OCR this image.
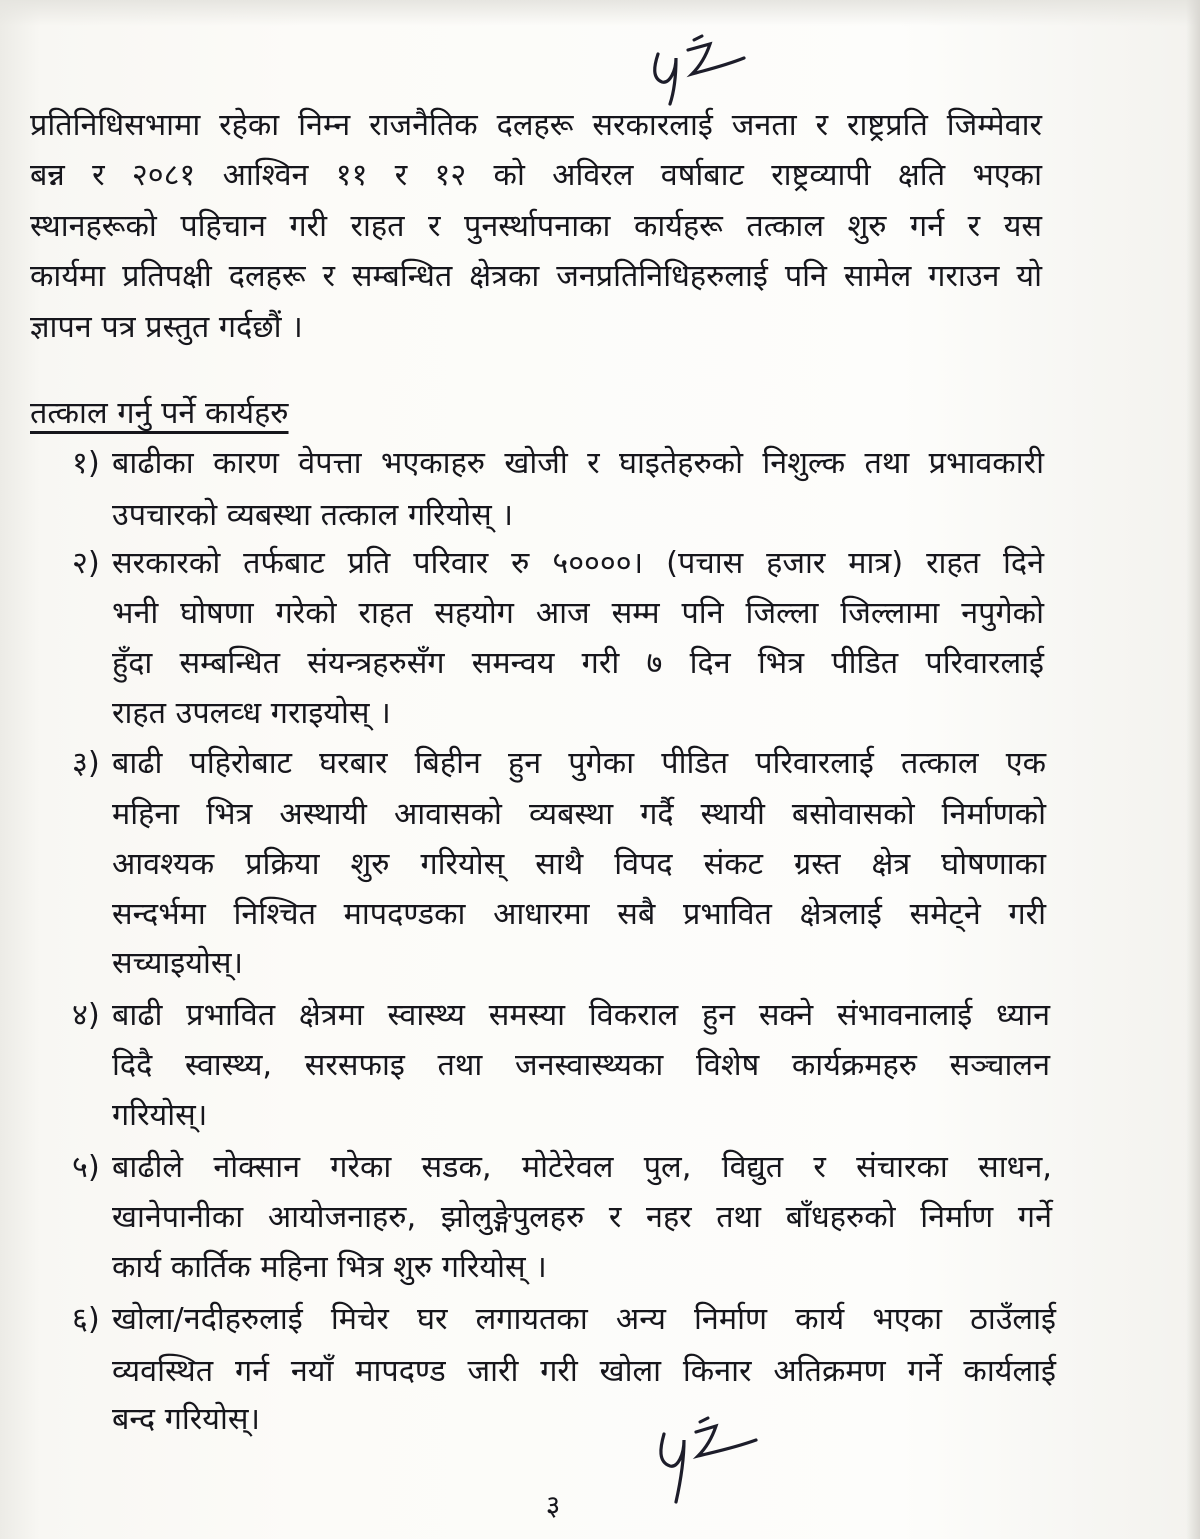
प्रतिनिधिसभामा रहेका निम्न राजनैतिक दलहरू सरकारलाई जनता र राष्ट्रप्रति जिम्मेवार
बन्न र २०८१ आश्विन ११ र १२ को अविरल वर्षाबाट राष्ट्रव्यापी क्षति भएका
स्थानहरूको पहिचान गरी राहत र पुनर्स्थापनाका कार्यहरू तत्काल शुरु गर्न र यस
कार्यमा प्रतिपक्षी दलहरू र सम्बन्धित क्षेत्रका जनप्रतिनिधिहरुलाई पनि सामेल गराउन यो
ज्ञापन पत्र प्रस्तुत गर्दछौं ।
तत्काल गर्नु पर्ने कार्यहरु
१) बाढीका कारण वेपत्ता भएकाहरु खोजी र घाइतेहरुको निशुल्क तथा प्रभावकारी
उपचारको व्यबस्था तत्काल गरियोस् ।
२) सरकारको तर्फबाट प्रति परिवार रु ५००००। (पचास हजार मात्र) राहत दिने
भनी घोषणा गरेको राहत सहयोग आज सम्म पनि जिल्ला जिल्लामा नपुगेको
हुँदा सम्बन्धित संयन्त्रहरुसँग समन्वय गरी ७ दिन भित्र पीडित परिवारलाई
राहत उपलव्ध गराइयोस् ।
३) बाढी पहिरोबाट घरबार बिहीन हुन पुगेका पीडित परिवारलाई तत्काल एक
महिना भित्र अस्थायी आवासको व्यबस्था गर्दै स्थायी बसोवासको निर्माणको
आवश्यक प्रक्रिया शुरु गरियोस् साथै विपद संकट ग्रस्त क्षेत्र घोषणाका
सन्दर्भमा निश्चित मापदण्डका आधारमा सबै प्रभावित क्षेत्रलाई समेट्ने गरी
सच्याइयोस्।
४) बाढी प्रभावित क्षेत्रमा स्वास्थ्य समस्या विकराल हुन सक्ने संभावनालाई ध्यान
दिदै स्वास्थ्य, सरसफाइ तथा जनस्वास्थ्यका विशेष कार्यक्रमहरु सञ्चालन
गरियोस्।
५) बाढीले नोक्सान गरेका सडक, मोटेरेवल पुल, विद्युत र संचारका साधन,
खानेपानीका आयोजनाहरु, झोलुङ्गेपुलहरु र नहर तथा बाँधहरुको निर्माण गर्ने
कार्य कार्तिक महिना भित्र शुरु गरियोस् ।
६) खोला/नदीहरुलाई मिचेर घर लगायतका अन्य निर्माण कार्य भएका ठाउँलाई
व्यवस्थित गर्न नयाँ मापदण्ड जारी गरी खोला किनार अतिक्रमण गर्ने कार्यलाई
बन्द गरियोस्।
३
